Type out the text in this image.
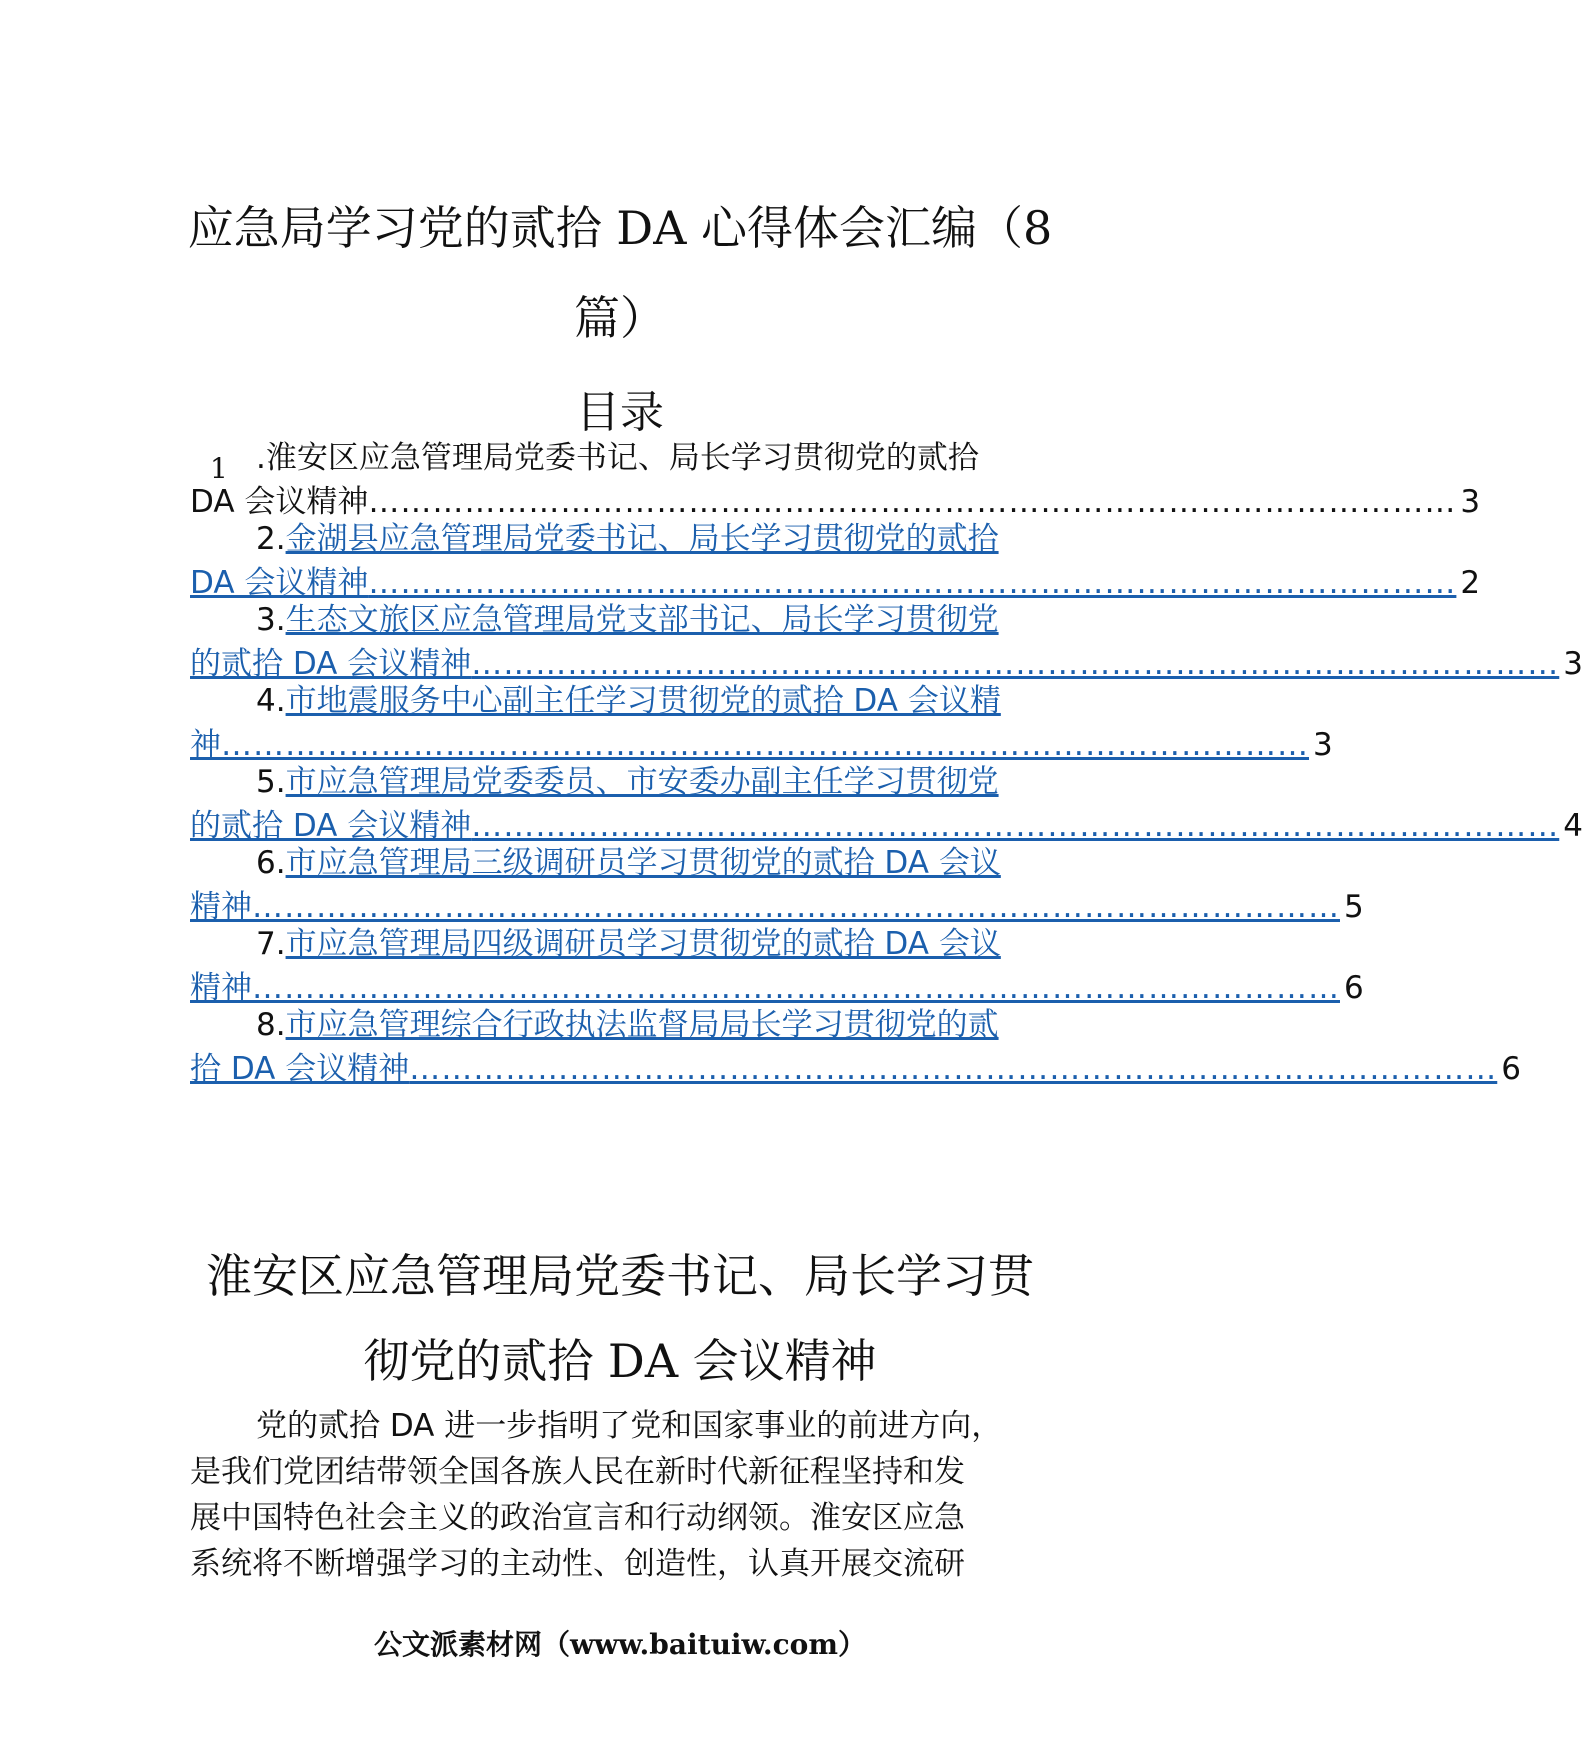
应急局学习党的贰拾 DA 心得体会汇编（8
篇）
目录
1 .淮安区应急管理局党委书记、局长学习贯彻党的贰拾
DA 会议精神 ………………………………………………………………………………………… 3
2.金湖县应急管理局党委书记、局长学习贯彻党的贰拾
DA 会议精神 ………………………………………………………………………………………… 2
3.生态文旅区应急管理局党支部书记、局长学习贯彻党
的贰拾 DA 会议精神 ………………………………………………………………………………………… 3
4.市地震服务中心副主任学习贯彻党的贰拾 DA 会议精
神 ………………………………………………………………………………………… 3
5.市应急管理局党委委员、市安委办副主任学习贯彻党
的贰拾 DA 会议精神 ………………………………………………………………………………………… 4
6.市应急管理局三级调研员学习贯彻党的贰拾 DA 会议
精神 ………………………………………………………………………………………… 5
7.市应急管理局四级调研员学习贯彻党的贰拾 DA 会议
精神 ………………………………………………………………………………………… 6
8.市应急管理综合行政执法监督局局长学习贯彻党的贰
拾 DA 会议精神 ………………………………………………………………………………………… 6
淮安区应急管理局党委书记、局长学习贯
彻党的贰拾 DA 会议精神
党的贰拾 DA 进一步指明了党和国家事业的前进方向，
是我们党团结带领全国各族人民在新时代新征程坚持和发
展中国特色社会主义的政治宣言和行动纲领。淮安区应急
系统将不断增强学习的主动性、创造性，认真开展交流研
公文派素材网（www.baituiw.com）
